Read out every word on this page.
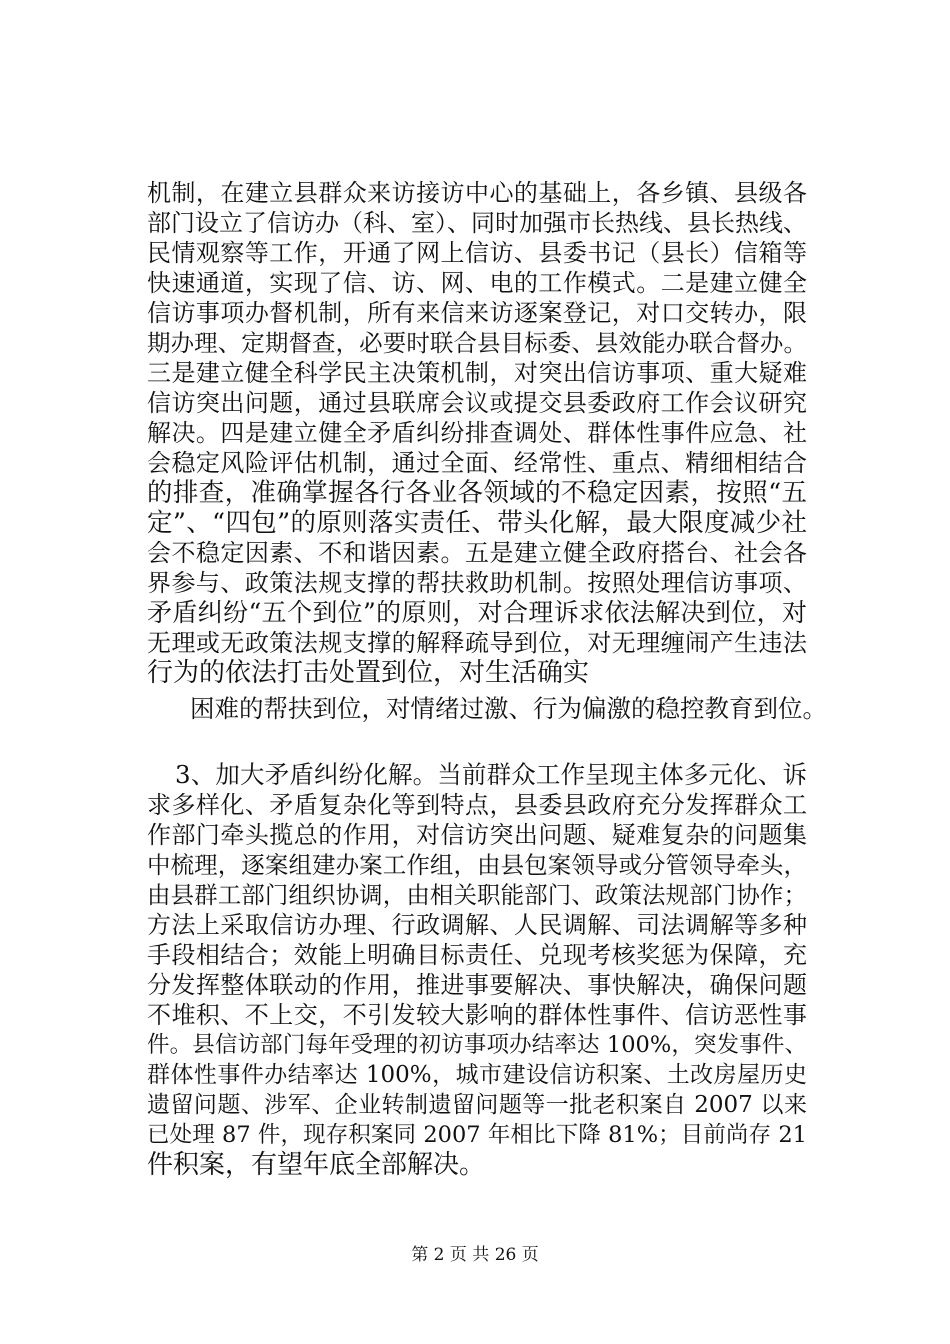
机制，在建立县群众来访接访中心的基础上，各乡镇、县级各
部门设立了信访办（科、室）、同时加强市长热线、县长热线、
民情观察等工作，开通了网上信访、县委书记（县长）信箱等
快速通道，实现了信、访、网、电的工作模式。二是建立健全
信访事项办督机制，所有来信来访逐案登记，对口交转办，限
期办理、定期督查，必要时联合县目标委、县效能办联合督办。
三是建立健全科学民主决策机制，对突出信访事项、重大疑难
信访突出问题，通过县联席会议或提交县委政府工作会议研究
解决。四是建立健全矛盾纠纷排查调处、群体性事件应急、社
会稳定风险评估机制，通过全面、经常性、重点、精细相结合
的排查，准确掌握各行各业各领域的不稳定因素，按照“五
定”、“四包”的原则落实责任、带头化解，最大限度减少社
会不稳定因素、不和谐因素。五是建立健全政府搭台、社会各
界参与、政策法规支撑的帮扶救助机制。按照处理信访事项、
矛盾纠纷“五个到位”的原则，对合理诉求依法解决到位，对
无理或无政策法规支撑的解释疏导到位，对无理缠闹产生违法
行为的依法打击处置到位，对生活确实
困难的帮扶到位，对情绪过激、行为偏激的稳控教育到位。
3、加大矛盾纠纷化解。当前群众工作呈现主体多元化、诉
求多样化、矛盾复杂化等到特点，县委县政府充分发挥群众工
作部门牵头揽总的作用，对信访突出问题、疑难复杂的问题集
中梳理，逐案组建办案工作组，由县包案领导或分管领导牵头，
由县群工部门组织协调，由相关职能部门、政策法规部门协作；
方法上采取信访办理、行政调解、人民调解、司法调解等多种
手段相结合；效能上明确目标责任、兑现考核奖惩为保障，充
分发挥整体联动的作用，推进事要解决、事快解决，确保问题
不堆积、不上交，不引发较大影响的群体性事件、信访恶性事
件。县信访部门每年受理的初访事项办结率达 100%，突发事件、
群体性事件办结率达 100%，城市建设信访积案、土改房屋历史
遗留问题、涉军、企业转制遗留问题等一批老积案自 2007 以来
已处理 87 件，现存积案同 2007 年相比下降 81%；目前尚存 21
件积案，有望年底全部解决。
第 2 页 共 26 页
